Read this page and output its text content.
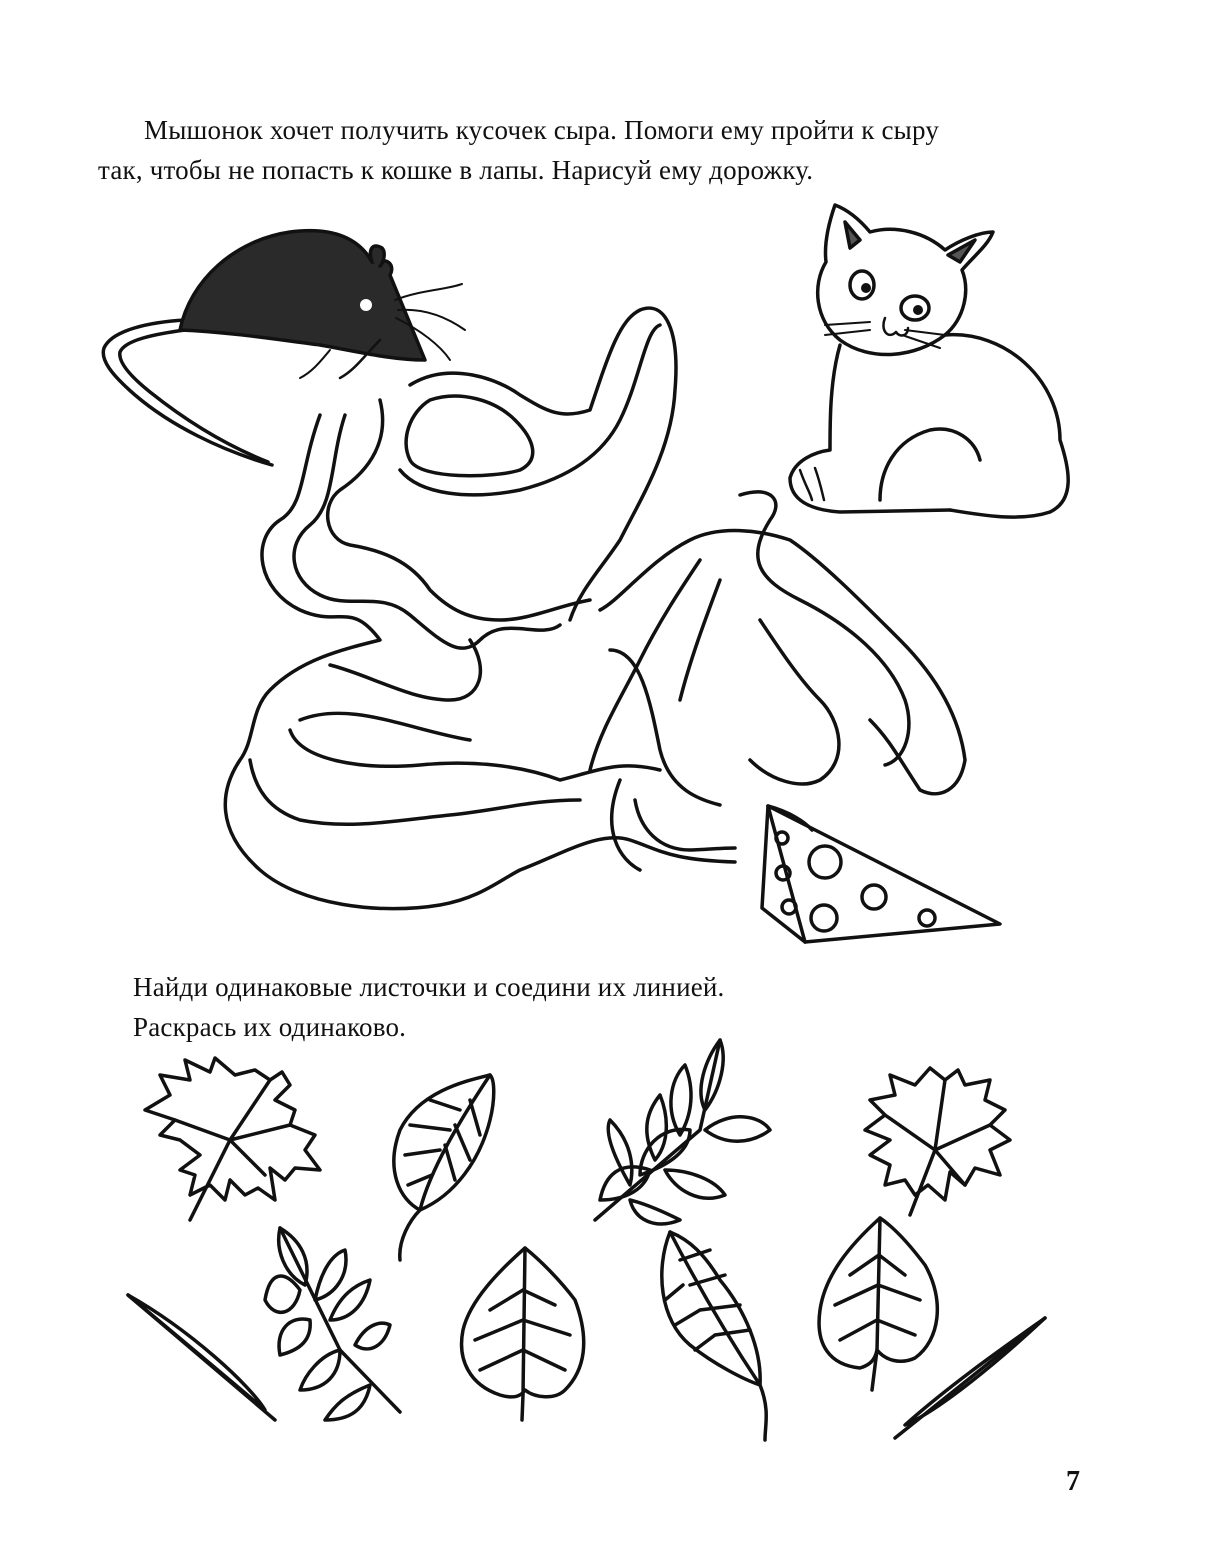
Мышонок хочет получить кусочек сыра. Помоги ему пройти к сыру
так, чтобы не попасть к кошке в лапы. Нарисуй ему дорожку.
Найди одинаковые листочки и соедини их линией.
Раскрась их одинаково.
7
